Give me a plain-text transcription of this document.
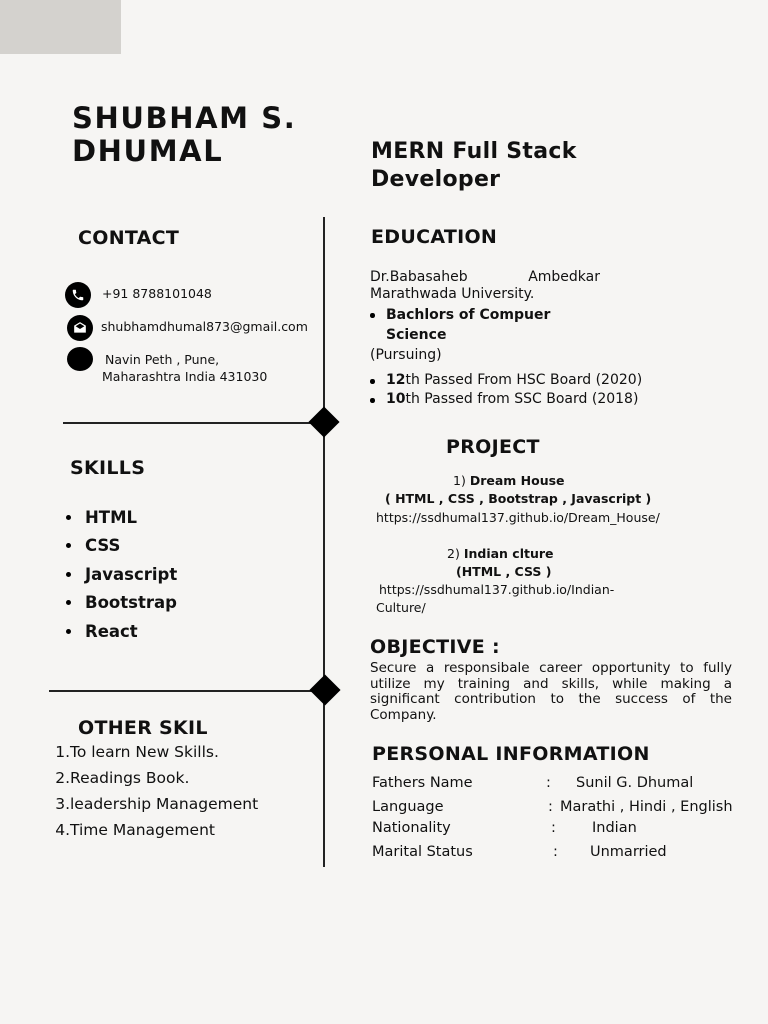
SHUBHAM S.
DHUMAL	MERN Full Stack
Developer
CONTACT
+91 8788101048
shubhamdhumal873@gmail.com
Navin Peth , Pune,
Maharashtra India 431030
SKILLS
HTML
CSS
Javascript
Bootstrap
React
OTHER SKIL
1. To learn New Skills.
2. Readings Book.
3. leadership Management
4. Time Management
EDUCATION
Dr.Babasaheb	Ambedkar
Marathwada University.
Bachlors of Compuer
Science
(Pursuing)
12th Passed From HSC Board (2020)
10th Passed from SSC Board (2018)
PROJECT
1) Dream House
( HTML , CSS , Bootstrap , Javascript )
https://ssdhumal137.github.io/Dream_House/
2) Indian clture
(HTML , CSS )
https://ssdhumal137.github.io/Indian-
Culture/
OBJECTIVE :
Secure a responsibale career opportunity to fully utilize my training and skills, while making a significant contribution to the success of the Company.
PERSONAL INFORMATION
Fathers Name	: Sunil G. Dhumal
Language	: Marathi , Hindi , English
Nationality	: Indian
Marital Status	: Unmarried
